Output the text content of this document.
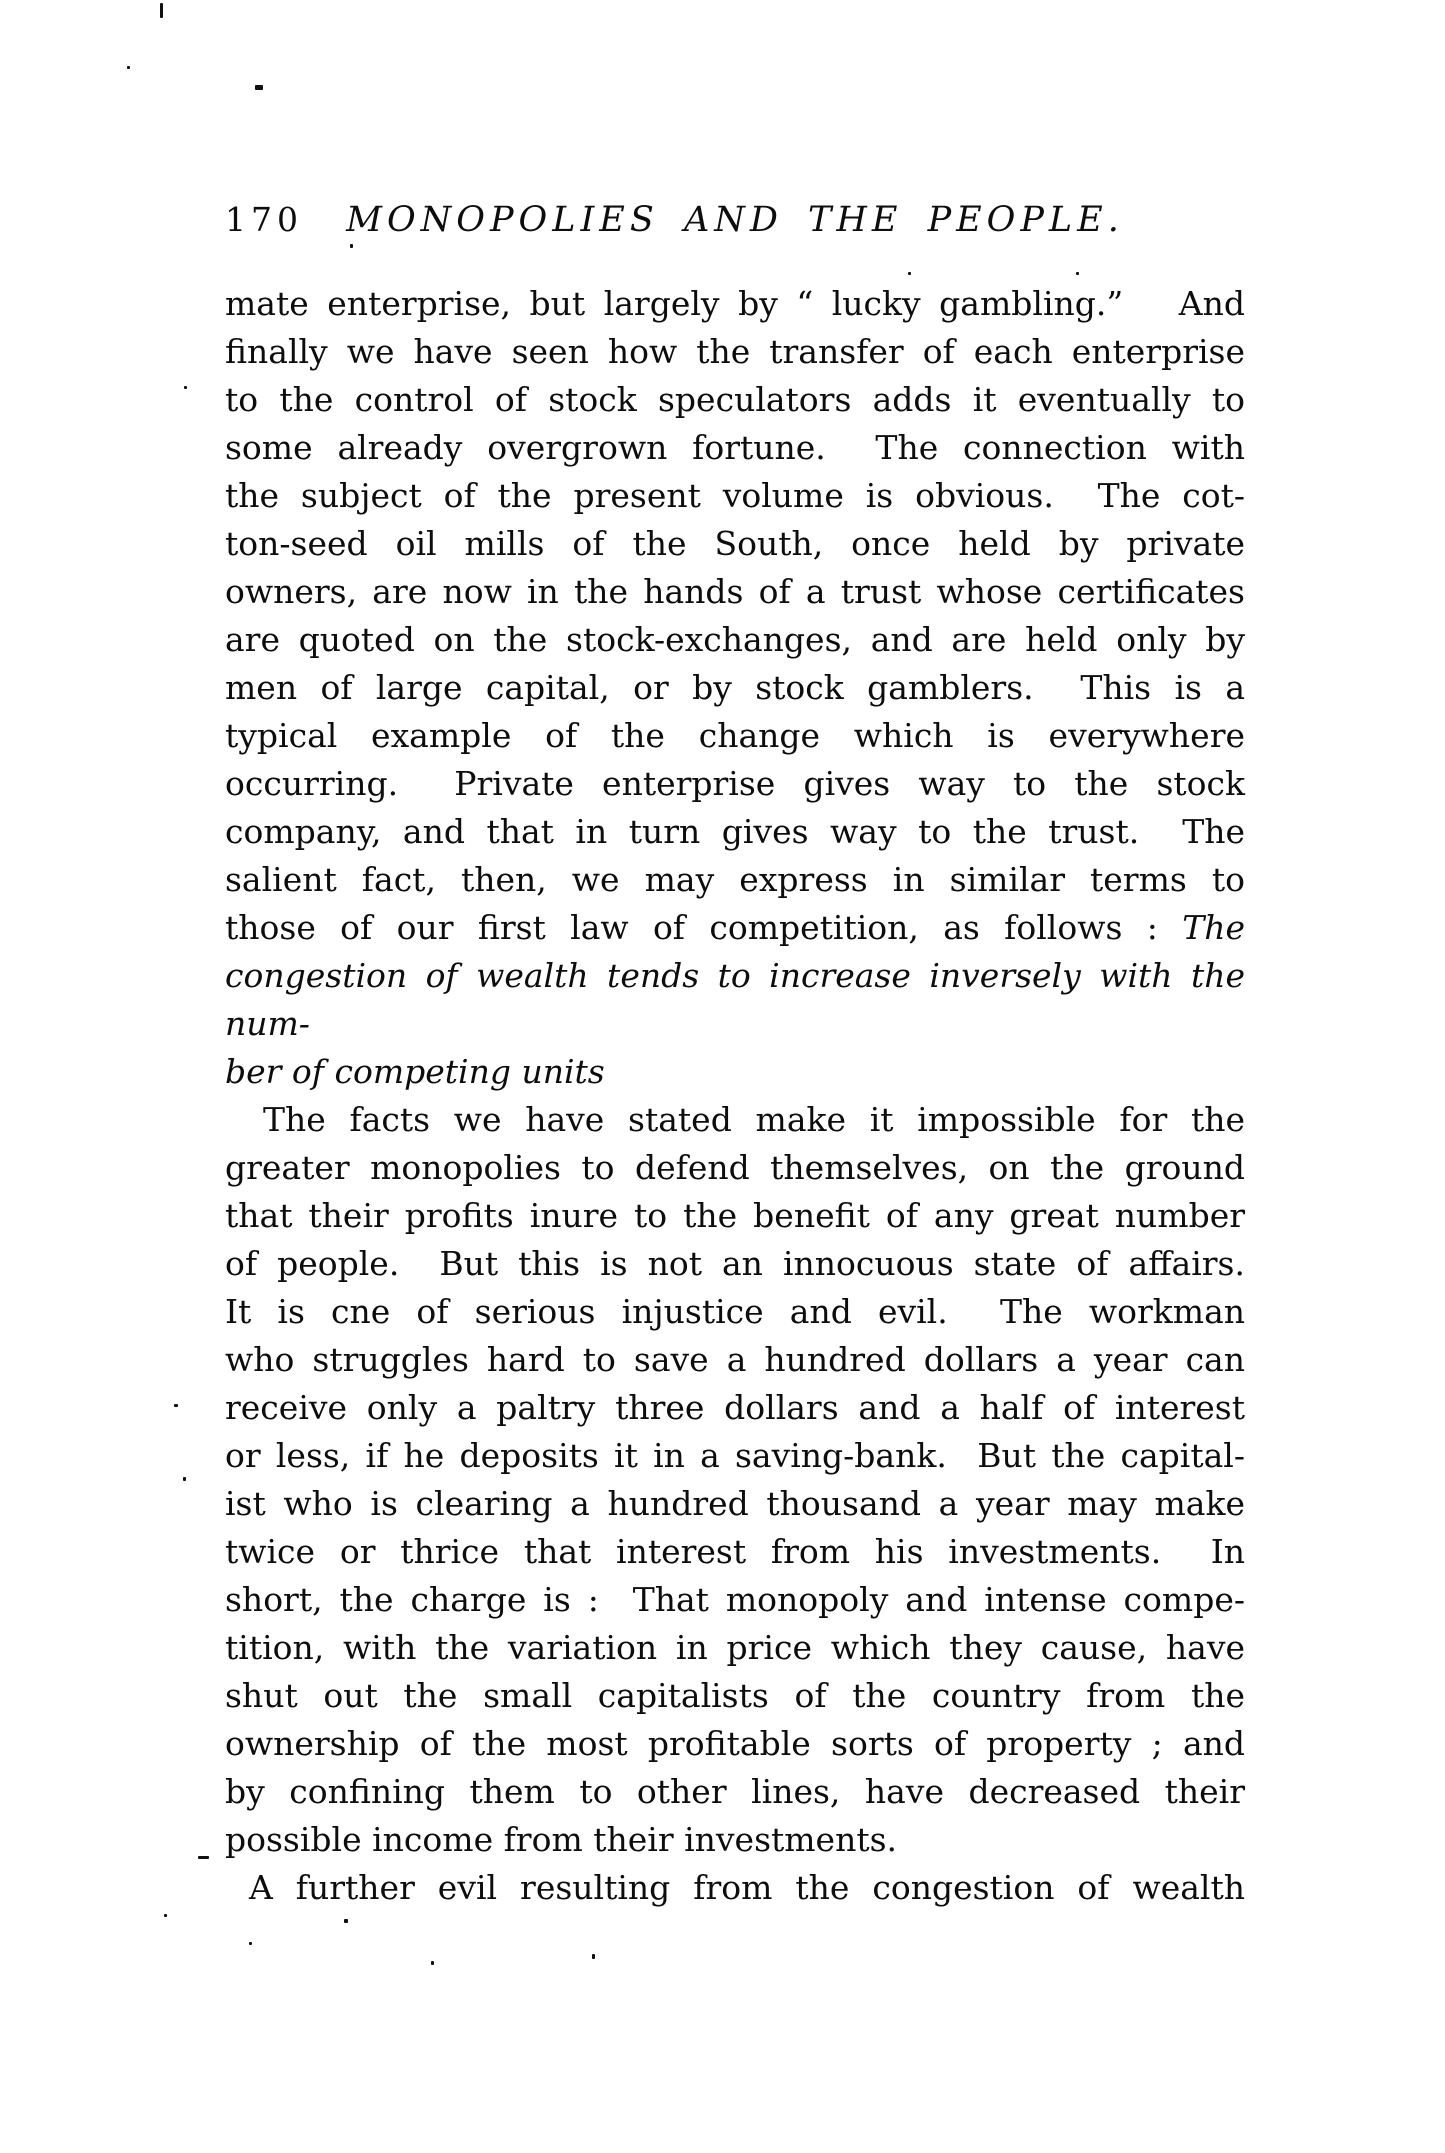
170	MONOPOLIES AND THE PEOPLE.
mate enterprise, but largely by “ lucky gambling.”   And
finally we have seen how the transfer of each enterprise
to the control of stock speculators adds it eventually to
some already overgrown fortune.  The connection with
the subject of the present volume is obvious.  The cot-
ton-seed oil mills of the South, once held by private
owners, are now in the hands of a trust whose certificates
are quoted on the stock-exchanges, and are held only by
men of large capital, or by stock gamblers.  This is a
typical example of the change which is everywhere
occurring.  Private enterprise gives way to the stock
company, and that in turn gives way to the trust.  The
salient fact, then, we may express in similar terms to
those of our first law of competition, as follows : The
congestion of wealth tends to increase inversely with the num-
ber of competing units
The facts we have stated make it impossible for the
greater monopolies to defend themselves, on the ground
that their profits inure to the benefit of any great number
of people.  But this is not an innocuous state of affairs.
It is cne of serious injustice and evil.  The workman
who struggles hard to save a hundred dollars a year can
receive only a paltry three dollars and a half of interest
or less, if he deposits it in a saving-bank.  But the capital-
ist who is clearing a hundred thousand a year may make
twice or thrice that interest from his investments.  In
short, the charge is :  That monopoly and intense compe-
tition, with the variation in price which they cause, have
shut out the small capitalists of the country from the
ownership of the most profitable sorts of property ; and
by confining them to other lines, have decreased their
possible income from their investments.
A further evil resulting from the congestion of wealth
